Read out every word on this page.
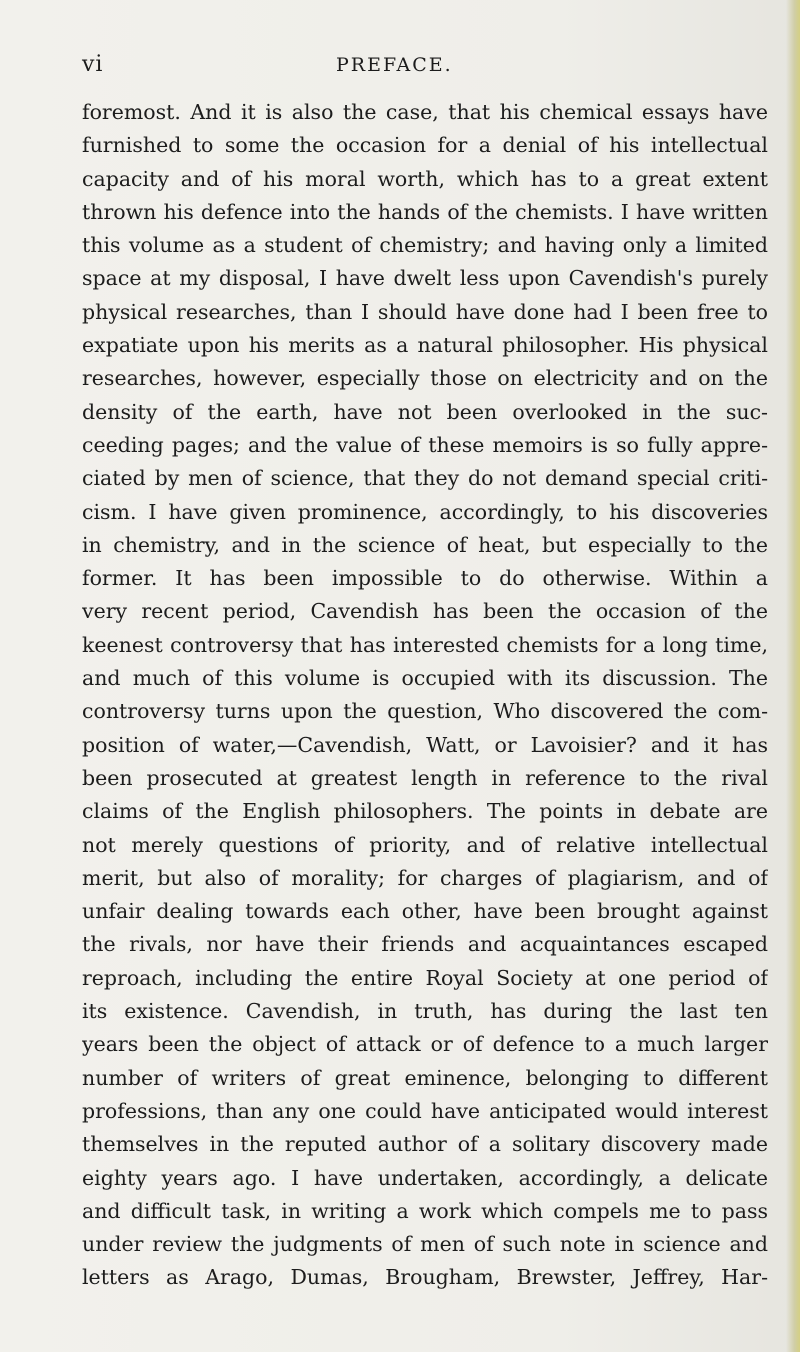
vi	PREFACE.
foremost. And it is also the case, that his chemical essays have
furnished to some the occasion for a denial of his intellectual
capacity and of his moral worth, which has to a great extent
thrown his defence into the hands of the chemists. I have written
this volume as a student of chemistry; and having only a limited
space at my disposal, I have dwelt less upon Cavendish's purely
physical researches, than I should have done had I been free to
expatiate upon his merits as a natural philosopher. His physical
researches, however, especially those on electricity and on the
density of the earth, have not been overlooked in the suc-
ceeding pages; and the value of these memoirs is so fully appre-
ciated by men of science, that they do not demand special criti-
cism. I have given prominence, accordingly, to his discoveries
in chemistry, and in the science of heat, but especially to the
former. It has been impossible to do otherwise. Within a
very recent period, Cavendish has been the occasion of the
keenest controversy that has interested chemists for a long time,
and much of this volume is occupied with its discussion. The
controversy turns upon the question, Who discovered the com-
position of water,—Cavendish, Watt, or Lavoisier? and it has
been prosecuted at greatest length in reference to the rival
claims of the English philosophers. The points in debate are
not merely questions of priority, and of relative intellectual
merit, but also of morality; for charges of plagiarism, and of
unfair dealing towards each other, have been brought against
the rivals, nor have their friends and acquaintances escaped
reproach, including the entire Royal Society at one period of
its existence. Cavendish, in truth, has during the last ten
years been the object of attack or of defence to a much larger
number of writers of great eminence, belonging to different
professions, than any one could have anticipated would interest
themselves in the reputed author of a solitary discovery made
eighty years ago. I have undertaken, accordingly, a delicate
and difficult task, in writing a work which compels me to pass
under review the judgments of men of such note in science and
letters as Arago, Dumas, Brougham, Brewster, Jeffrey, Har-
